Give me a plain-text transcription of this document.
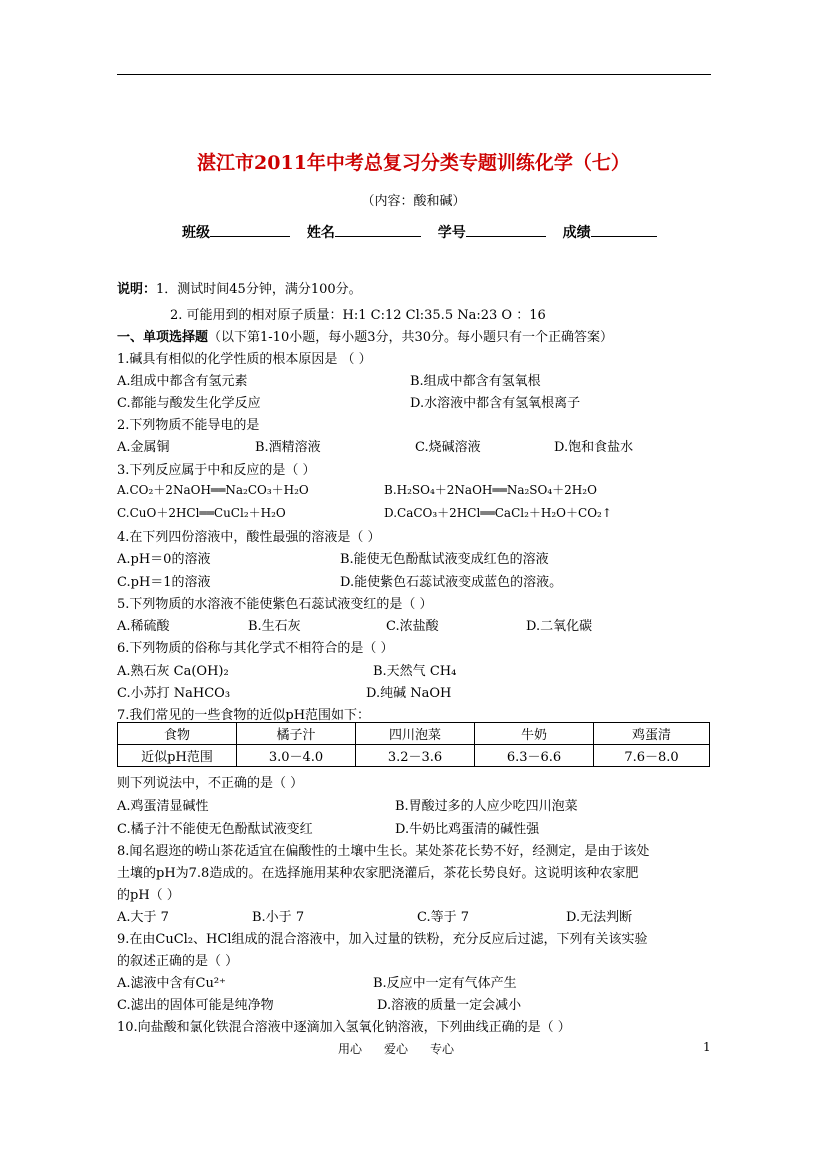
湛江市2011年中考总复习分类专题训练化学（七）
（内容：酸和碱）
班级	姓名	学号	成绩
说明：1．测试时间45分钟，满分100分。
2. 可能用到的相对原子质量：H:1 C:12 Cl:35.5 Na:23 O ：16
一、单项选择题（以下第1-10小题，每小题3分，共30分。每小题只有一个正确答案）
1.碱具有相似的化学性质的根本原因是 （ ）
A.组成中都含有氢元素	B.组成中都含有氢氧根
C.都能与酸发生化学反应	D.水溶液中都含有氢氧根离子
2.下列物质不能导电的是
A.金属铜	B.酒精溶液	C.烧碱溶液	D.饱和食盐水
3.下列反应属于中和反应的是（ ）
A.CO₂＋2NaOH══Na₂CO₃＋H₂O	B.H₂SO₄＋2NaOH══Na₂SO₄＋2H₂O
C.CuO＋2HCl══CuCl₂＋H₂O	D.CaCO₃＋2HCl══CaCl₂＋H₂O＋CO₂↑
4.在下列四份溶液中，酸性最强的溶液是（ ）
A.pH＝0的溶液	B.能使无色酚酞试液变成红色的溶液
C.pH＝1的溶液	D.能使紫色石蕊试液变成蓝色的溶液。
5.下列物质的水溶液不能使紫色石蕊试液变红的是（ ）
A.稀硫酸	B.生石灰	C.浓盐酸	D.二氧化碳
6.下列物质的俗称与其化学式不相符合的是（ ）
A.熟石灰 Ca(OH)₂	B.天然气 CH₄
C.小苏打 NaHCO₃	D.纯碱 NaOH
7.我们常见的一些食物的近似pH范围如下：
食物	橘子汁	四川泡菜	牛奶	鸡蛋清
近似pH范围	3.0－4.0	3.2－3.6	6.3－6.6	7.6－8.0
则下列说法中，不正确的是（ ）
A.鸡蛋清显碱性	B.胃酸过多的人应少吃四川泡菜
C.橘子汁不能使无色酚酞试液变红	D.牛奶比鸡蛋清的碱性强
8.闻名遐迩的崂山茶花适宜在偏酸性的土壤中生长。某处茶花长势不好，经测定，是由于该处
土壤的pH为7.8造成的。在选择施用某种农家肥浇灌后，茶花长势良好。这说明该种农家肥
的pH（ ）
A.大于 7	B.小于 7	C.等于 7	D.无法判断
9.在由CuCl₂、HCl组成的混合溶液中，加入过量的铁粉，充分反应后过滤，下列有关该实验
的叙述正确的是（ ）
A.滤液中含有Cu²⁺	B.反应中一定有气体产生
C.滤出的固体可能是纯净物	D.溶液的质量一定会减小
10.向盐酸和氯化铁混合溶液中逐滴加入氢氧化钠溶液，下列曲线正确的是（ ）
用心 爱心 专心	1
